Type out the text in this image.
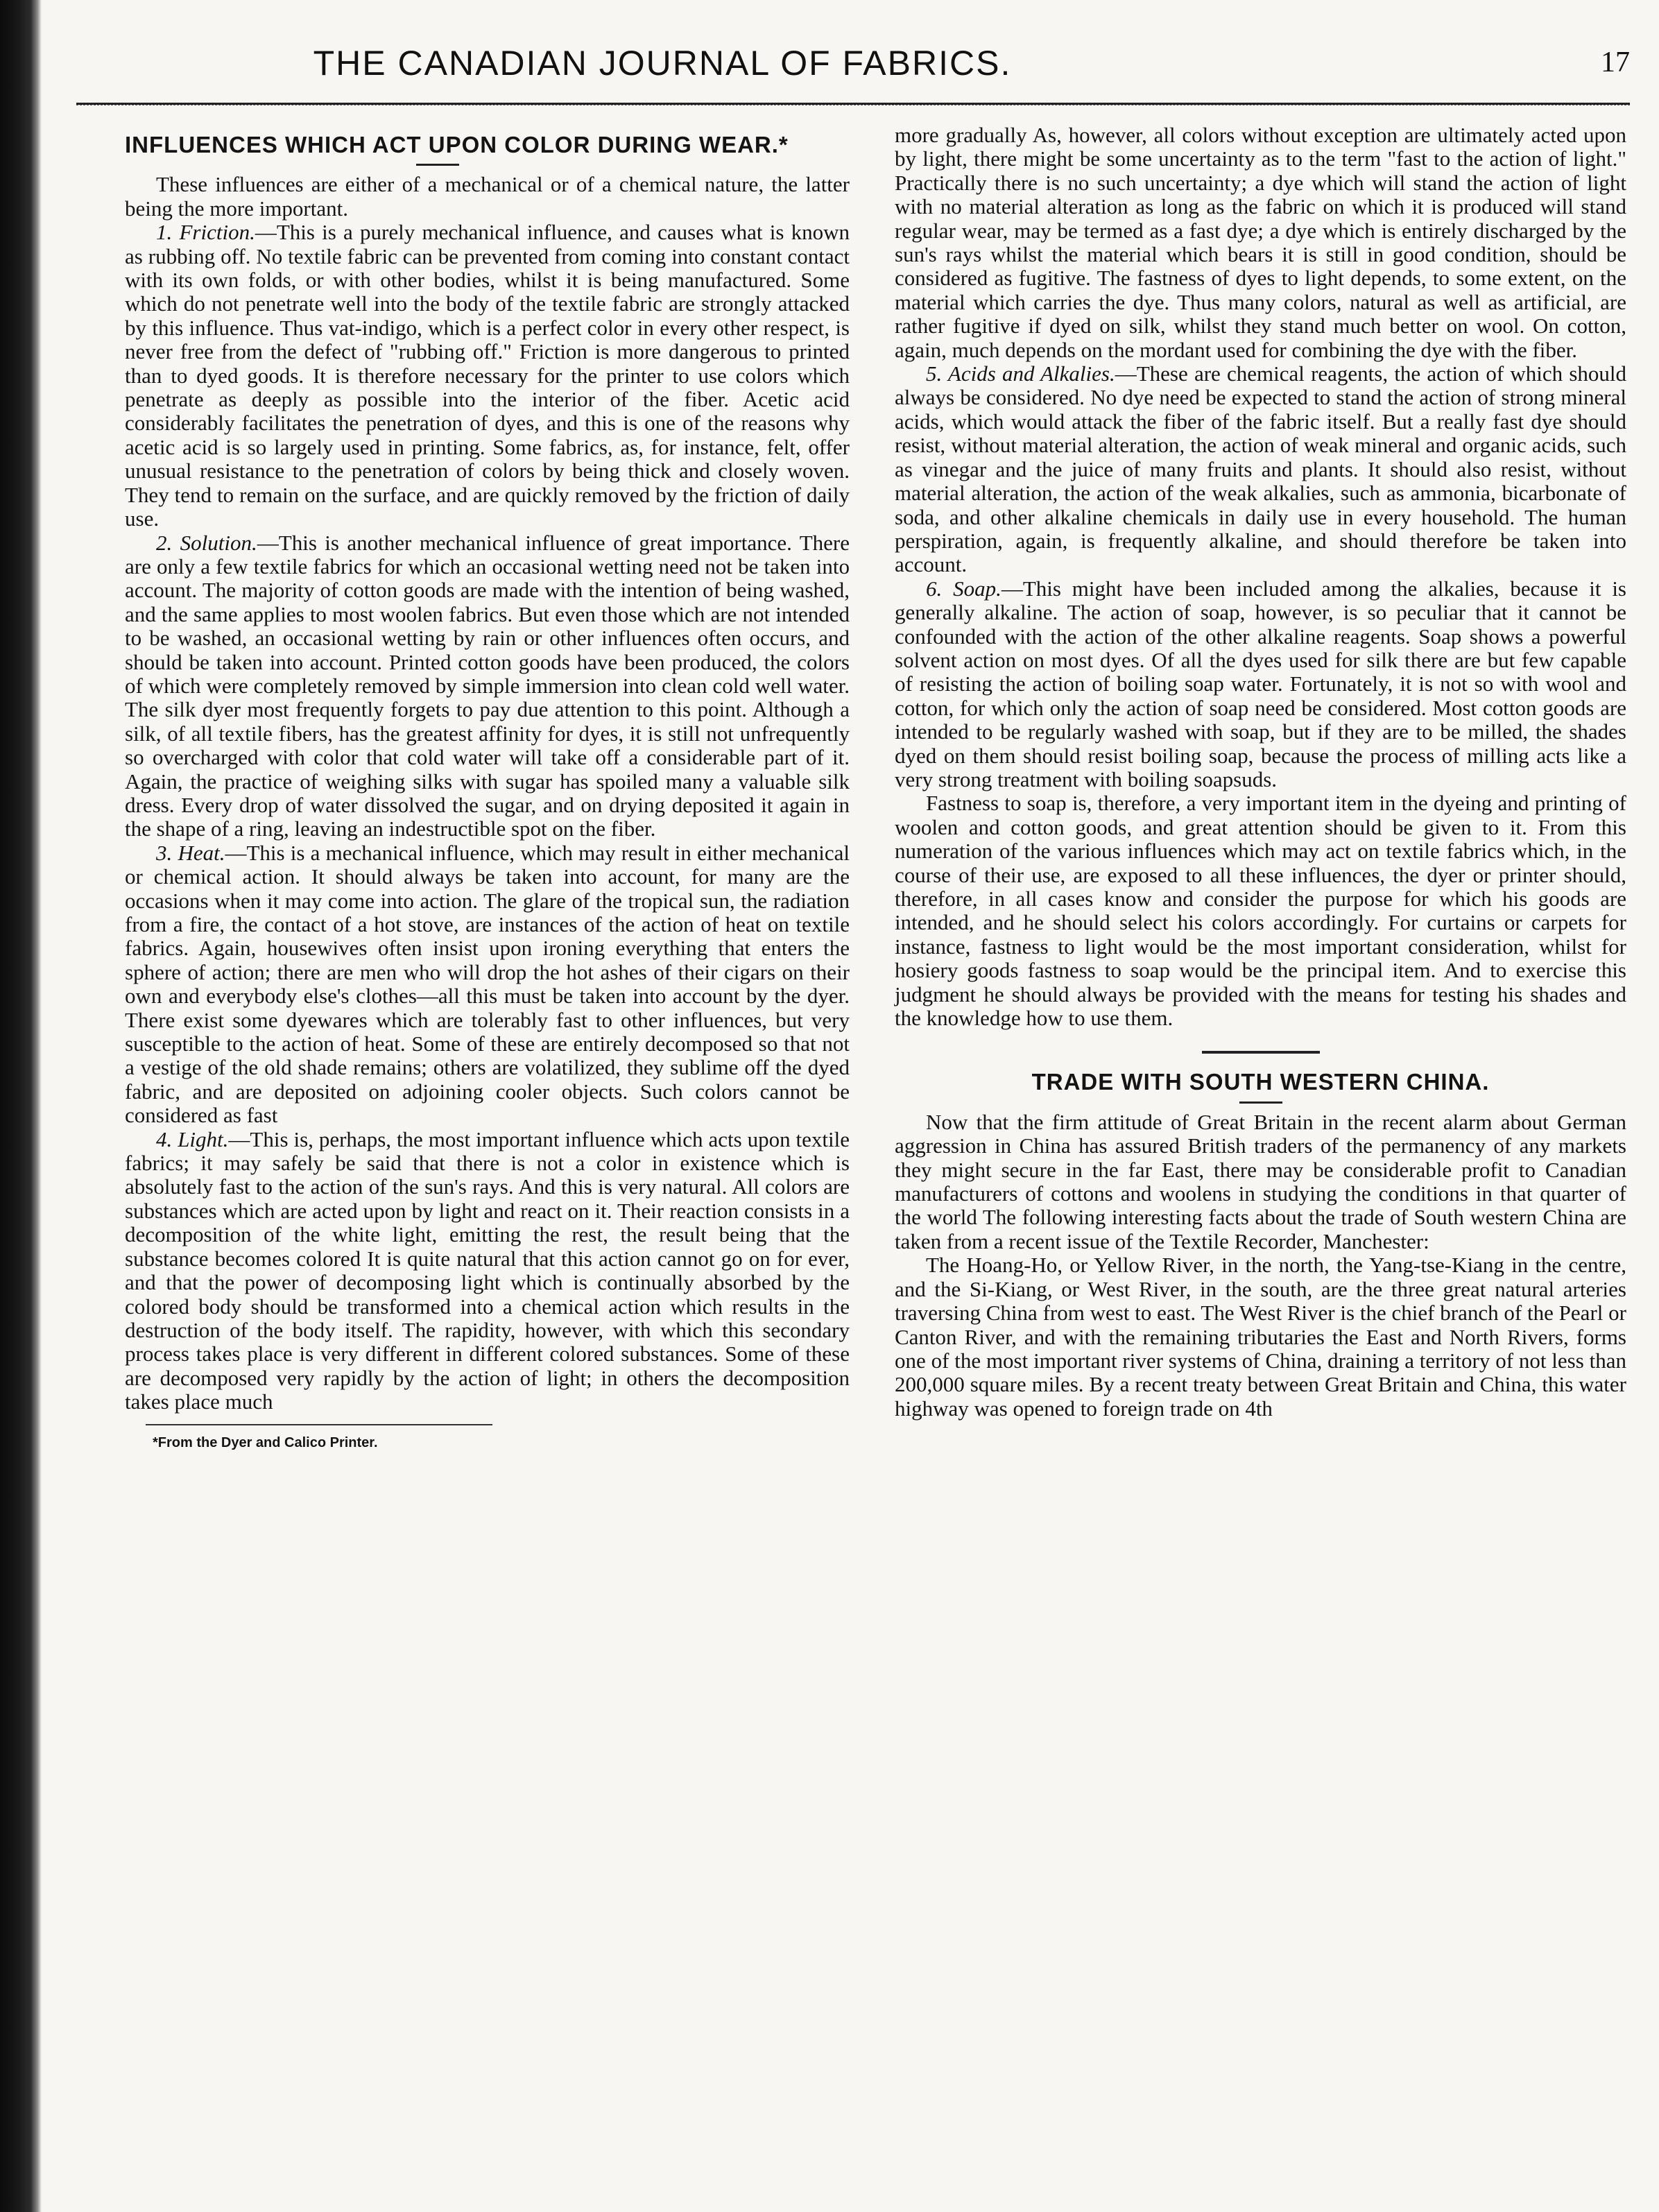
THE CANADIAN JOURNAL OF FABRICS.	17
INFLUENCES WHICH ACT UPON COLOR DURING WEAR.*

These influences are either of a mechanical or of a chemical nature, the latter being the more important.

1. Friction.—This is a purely mechanical influence, and causes what is known as rubbing off. No textile fabric can be prevented from coming into constant contact with its own folds, or with other bodies, whilst it is being manufactured. Some which do not penetrate well into the body of the textile fabric are strongly attacked by this influence. Thus vat-indigo, which is a perfect color in every other respect, is never free from the defect of "rubbing off." Friction is more dangerous to printed than to dyed goods. It is therefore necessary for the printer to use colors which penetrate as deeply as possible into the interior of the fiber. Acetic acid considerably facilitates the penetration of dyes, and this is one of the reasons why acetic acid is so largely used in printing. Some fabrics, as, for instance, felt, offer unusual resistance to the penetration of colors by being thick and closely woven. They tend to remain on the surface, and are quickly removed by the friction of daily use.

2. Solution.—This is another mechanical influence of great importance. There are only a few textile fabrics for which an occasional wetting need not be taken into account. The majority of cotton goods are made with the intention of being washed, and the same applies to most woolen fabrics. But even those which are not intended to be washed, an occasional wetting by rain or other influences often occurs, and should be taken into account. Printed cotton goods have been produced, the colors of which were completely removed by simple immersion into clean cold well water. The silk dyer most frequently forgets to pay due attention to this point. Although a silk, of all textile fibers, has the greatest affinity for dyes, it is still not unfrequently so overcharged with color that cold water will take off a considerable part of it. Again, the practice of weighing silks with sugar has spoiled many a valuable silk dress. Every drop of water dissolved the sugar, and on drying deposited it again in the shape of a ring, leaving an indestructible spot on the fiber.

3. Heat.—This is a mechanical influence, which may result in either mechanical or chemical action. It should always be taken into account, for many are the occasions when it may come into action. The glare of the tropical sun, the radiation from a fire, the contact of a hot stove, are instances of the action of heat on textile fabrics. Again, housewives often insist upon ironing everything that enters the sphere of action; there are men who will drop the hot ashes of their cigars on their own and everybody else's clothes—all this must be taken into account by the dyer. There exist some dyewares which are tolerably fast to other influences, but very susceptible to the action of heat. Some of these are entirely decomposed so that not a vestige of the old shade remains; others are volatilized, they sublime off the dyed fabric, and are deposited on adjoining cooler objects. Such colors cannot be considered as fast

4. Light.—This is, perhaps, the most important influence which acts upon textile fabrics; it may safely be said that there is not a color in existence which is absolutely fast to the action of the sun's rays. And this is very natural. All colors are substances which are acted upon by light and react on it. Their reaction consists in a decomposition of the white light, emitting the rest, the result being that the substance becomes colored It is quite natural that this action cannot go on for ever, and that the power of decomposing light which is continually absorbed by the colored body should be transformed into a chemical action which results in the destruction of the body itself. The rapidity, however, with which this secondary process takes place is very different in different colored substances. Some of these are decomposed very rapidly by the action of light; in others the decomposition takes place much

*From the Dyer and Calico Printer.

more gradually As, however, all colors without exception are ultimately acted upon by light, there might be some uncertainty as to the term "fast to the action of light." Practically there is no such uncertainty; a dye which will stand the action of light with no material alteration as long as the fabric on which it is produced will stand regular wear, may be termed as a fast dye; a dye which is entirely discharged by the sun's rays whilst the material which bears it is still in good condition, should be considered as fugitive. The fastness of dyes to light depends, to some extent, on the material which carries the dye. Thus many colors, natural as well as artificial, are rather fugitive if dyed on silk, whilst they stand much better on wool. On cotton, again, much depends on the mordant used for combining the dye with the fiber.

5. Acids and Alkalies.—These are chemical reagents, the action of which should always be considered. No dye need be expected to stand the action of strong mineral acids, which would attack the fiber of the fabric itself. But a really fast dye should resist, without material alteration, the action of weak mineral and organic acids, such as vinegar and the juice of many fruits and plants. It should also resist, without material alteration, the action of the weak alkalies, such as ammonia, bicarbonate of soda, and other alkaline chemicals in daily use in every household. The human perspiration, again, is frequently alkaline, and should therefore be taken into account.

6. Soap.—This might have been included among the alkalies, because it is generally alkaline. The action of soap, however, is so peculiar that it cannot be confounded with the action of the other alkaline reagents. Soap shows a powerful solvent action on most dyes. Of all the dyes used for silk there are but few capable of resisting the action of boiling soap water. Fortunately, it is not so with wool and cotton, for which only the action of soap need be considered. Most cotton goods are intended to be regularly washed with soap, but if they are to be milled, the shades dyed on them should resist boiling soap, because the process of milling acts like a very strong treatment with boiling soapsuds.

Fastness to soap is, therefore, a very important item in the dyeing and printing of woolen and cotton goods, and great attention should be given to it. From this numeration of the various influences which may act on textile fabrics which, in the course of their use, are exposed to all these influences, the dyer or printer should, therefore, in all cases know and consider the purpose for which his goods are intended, and he should select his colors accordingly. For curtains or carpets for instance, fastness to light would be the most important consideration, whilst for hosiery goods fastness to soap would be the principal item. And to exercise this judgment he should always be provided with the means for testing his shades and the knowledge how to use them.

TRADE WITH SOUTH WESTERN CHINA.

Now that the firm attitude of Great Britain in the recent alarm about German aggression in China has assured British traders of the permanency of any markets they might secure in the far East, there may be considerable profit to Canadian manufacturers of cottons and woolens in studying the conditions in that quarter of the world The following interesting facts about the trade of South western China are taken from a recent issue of the Textile Recorder, Manchester:

The Hoang-Ho, or Yellow River, in the north, the Yang-tse-Kiang in the centre, and the Si-Kiang, or West River, in the south, are the three great natural arteries traversing China from west to east. The West River is the chief branch of the Pearl or Canton River, and with the remaining tributaries the East and North Rivers, forms one of the most important river systems of China, draining a territory of not less than 200,000 square miles. By a recent treaty between Great Britain and China, this water highway was opened to foreign trade on 4th
